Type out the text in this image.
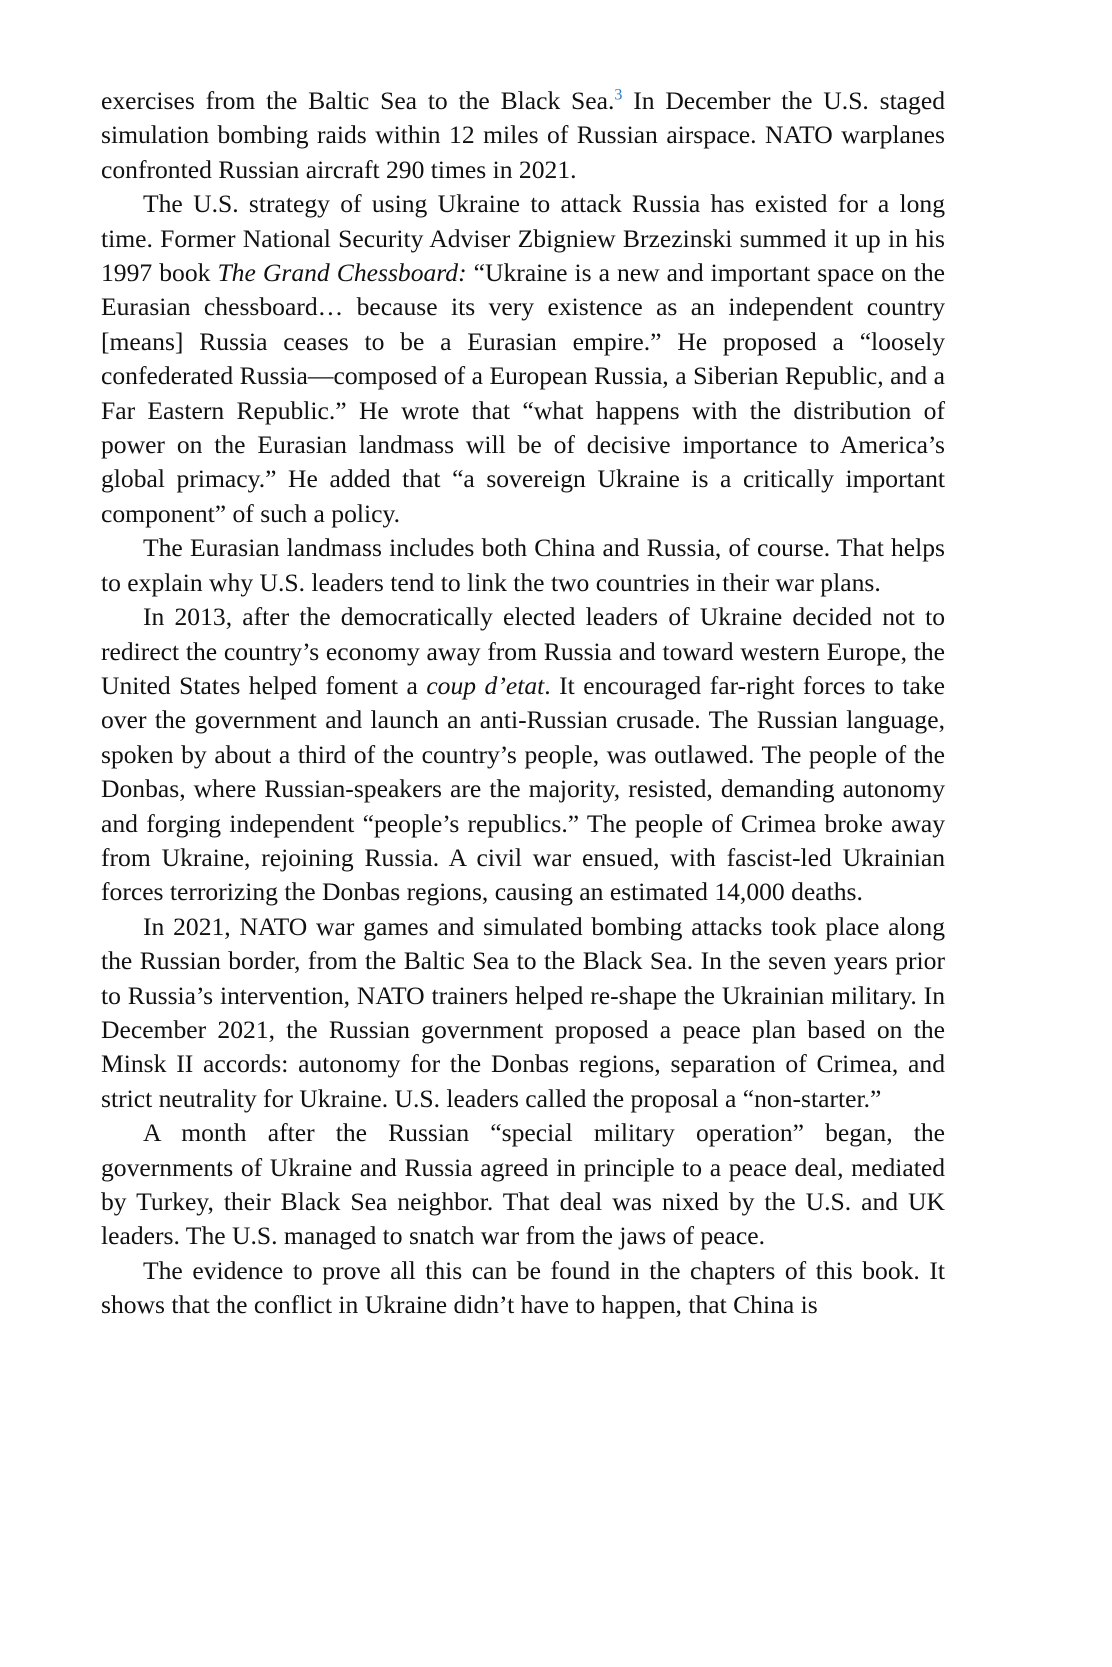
exercises from the Baltic Sea to the Black Sea.$^3$ In December the U.S. staged simulation bombing raids within 12 miles of Russian airspace. NATO warplanes confronted Russian aircraft 290 times in 2021.

The U.S. strategy of using Ukraine to attack Russia has existed for a long time. Former National Security Adviser Zbigniew Brzezinski summed it up in his 1997 book The Grand Chessboard: “Ukraine is a new and important space on the Eurasian chessboard… because its very existence as an independent country [means] Russia ceases to be a Eurasian empire.” He proposed a “loosely confederated Russia—composed of a European Russia, a Siberian Republic, and a Far Eastern Republic.” He wrote that “what happens with the distribution of power on the Eurasian landmass will be of decisive importance to America’s global primacy.” He added that “a sovereign Ukraine is a critically important component” of such a policy.

The Eurasian landmass includes both China and Russia, of course. That helps to explain why U.S. leaders tend to link the two countries in their war plans.

In 2013, after the democratically elected leaders of Ukraine decided not to redirect the country’s economy away from Russia and toward western Europe, the United States helped foment a coup d’etat. It encouraged far-right forces to take over the government and launch an anti-Russian crusade. The Russian language, spoken by about a third of the country’s people, was outlawed. The people of the Donbas, where Russian-speakers are the majority, resisted, demanding autonomy and forging independent “people’s republics.” The people of Crimea broke away from Ukraine, rejoining Russia. A civil war ensued, with fascist-led Ukrainian forces terrorizing the Donbas regions, causing an estimated 14,000 deaths.

In 2021, NATO war games and simulated bombing attacks took place along the Russian border, from the Baltic Sea to the Black Sea. In the seven years prior to Russia’s intervention, NATO trainers helped re-shape the Ukrainian military. In December 2021, the Russian government proposed a peace plan based on the Minsk II accords: autonomy for the Donbas regions, separation of Crimea, and strict neutrality for Ukraine. U.S. leaders called the proposal a “non-starter.”

A month after the Russian “special military operation” began, the governments of Ukraine and Russia agreed in principle to a peace deal, mediated by Turkey, their Black Sea neighbor. That deal was nixed by the U.S. and UK leaders. The U.S. managed to snatch war from the jaws of peace.

The evidence to prove all this can be found in the chapters of this book. It shows that the conflict in Ukraine didn’t have to happen, that China is
